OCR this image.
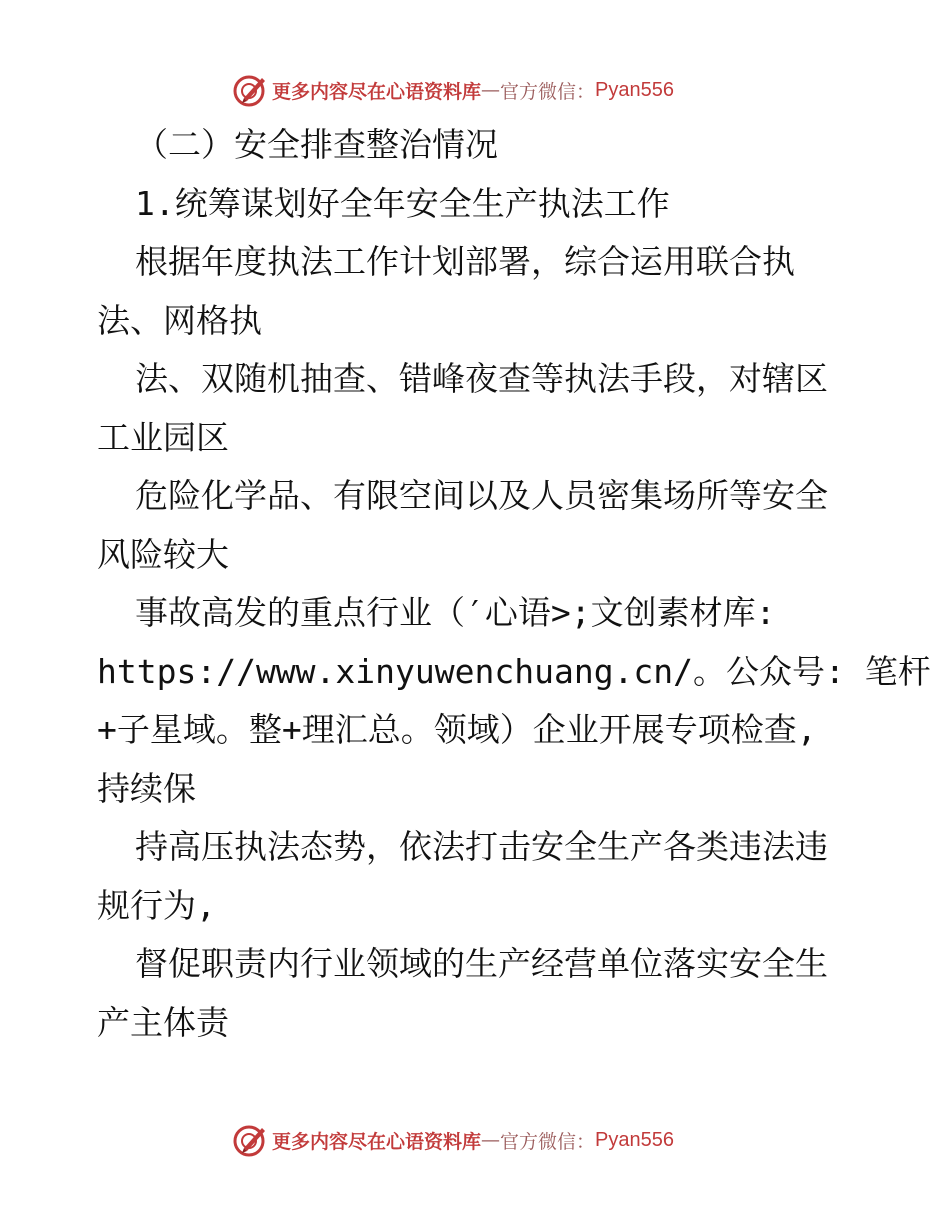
更多内容尽在心语资料库 — 官方微信： Pyan556
（二）安全排查整治情况
1.统筹谋划好全年安全生产执法工作
根据年度执法工作计划部署，综合运用联合执
法、网格执
法、双随机抽查、错峰夜查等执法手段，对辖区
工业园区
危险化学品、有限空间以及人员密集场所等安全
风险较大
事故高发的重点行业（′心语>;文创素材库:
https://www.xinyuwenchuang.cn/。公众号: 笔杆
+子星域。整+理汇总。领域）企业开展专项检查,
持续保
持高压执法态势，依法打击安全生产各类违法违
规行为,
督促职责内行业领域的生产经营单位落实安全生
产主体责
更多内容尽在心语资料库 — 官方微信： Pyan556
